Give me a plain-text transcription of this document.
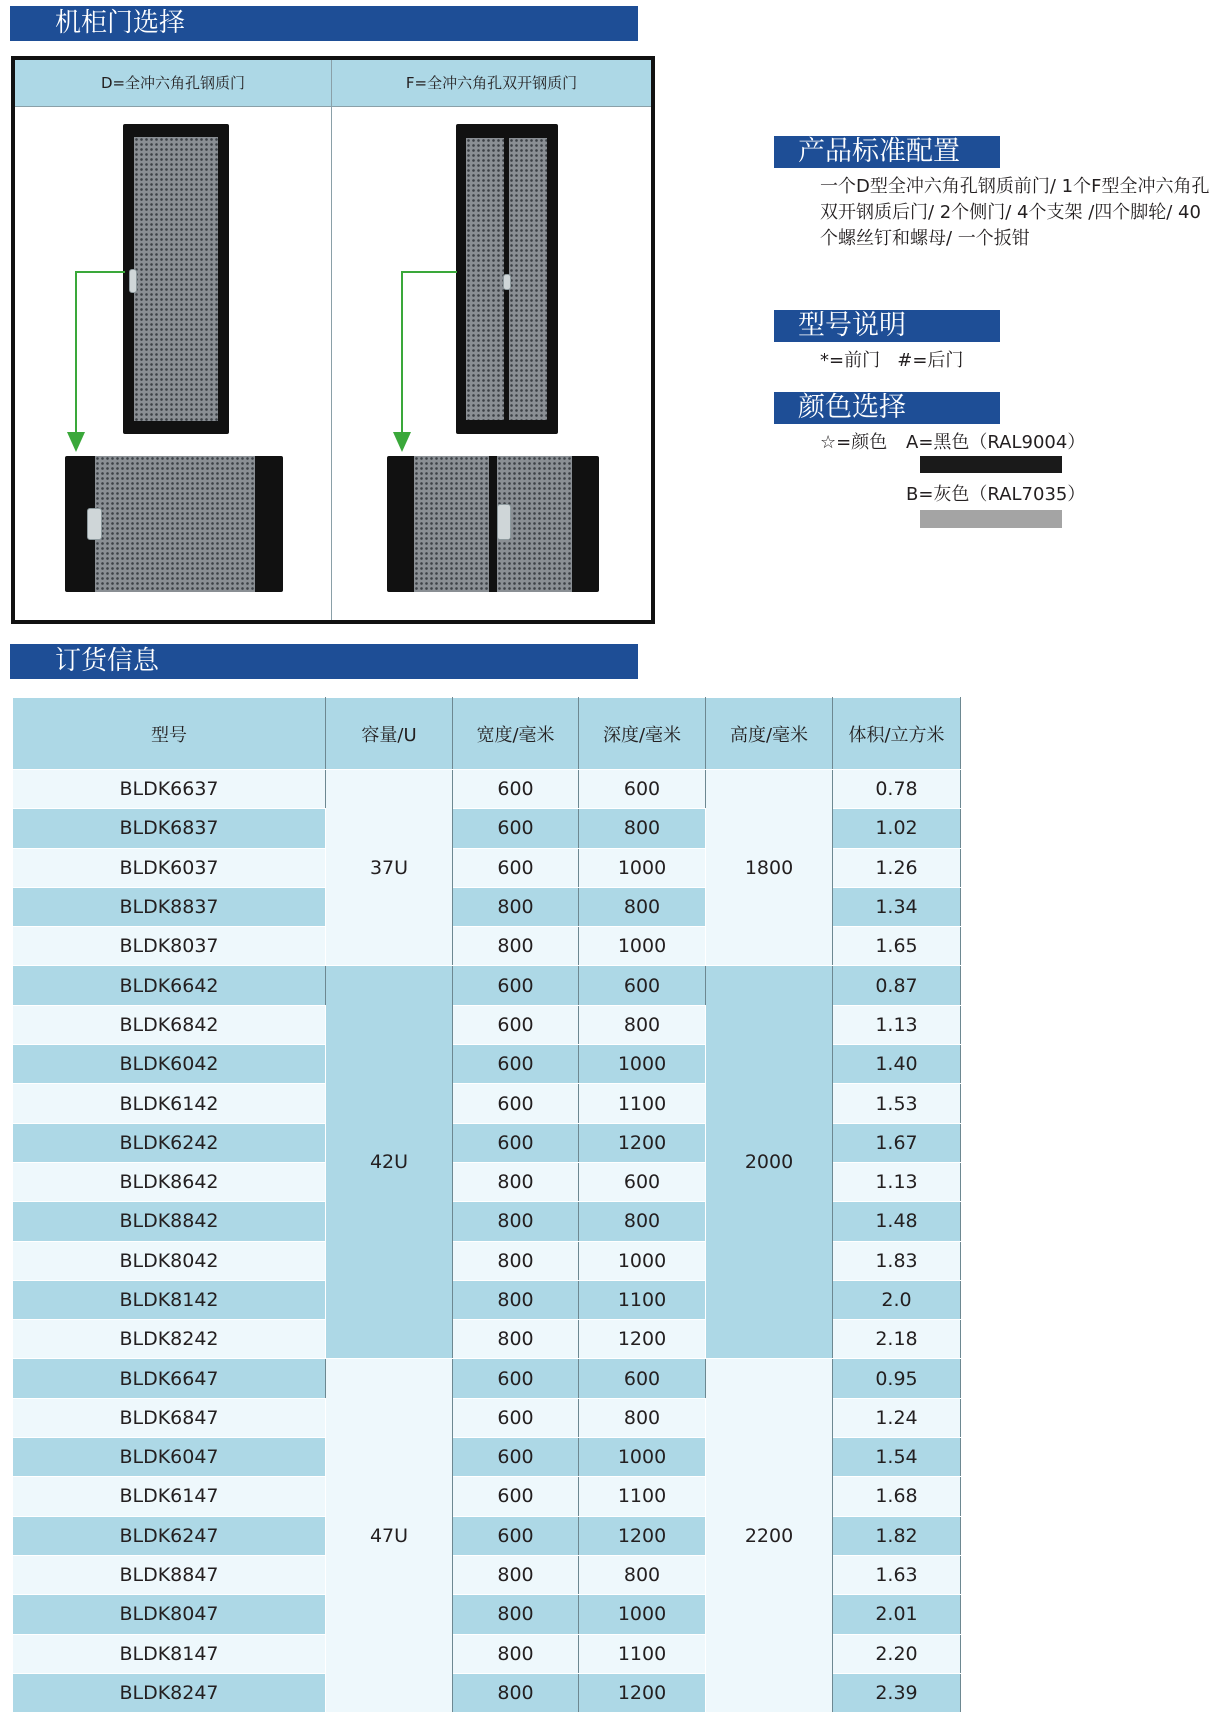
机柜门选择
D=全冲六角孔钢质门	F=全冲六角孔双开钢质门
产品标准配置
一个D型全冲六角孔钢质前门/ 1个F型全冲六角孔双开钢质后门/ 2个侧门/ 4个支架 /四个脚轮/ 40个螺丝钉和螺母/ 一个扳钳
型号说明
*=前门   #=后门
颜色选择
☆=颜色 A=黑色（RAL9004）
B=灰色（RAL7035）
订货信息
型号	容量/U	宽度/毫米	深度/毫米	高度/毫米	体积/立方米
BLDK6637	37U	600	600	1800	0.78
BLDK6837		600	800		1.02
BLDK6037		600	1000		1.26
BLDK8837		800	800		1.34
BLDK8037		800	1000		1.65
BLDK6642	42U	600	600	2000	0.87
BLDK6842		600	800		1.13
BLDK6042		600	1000		1.40
BLDK6142		600	1100		1.53
BLDK6242		600	1200		1.67
BLDK8642		800	600		1.13
BLDK8842		800	800		1.48
BLDK8042		800	1000		1.83
BLDK8142		800	1100		2.0
BLDK8242		800	1200		2.18
BLDK6647	47U	600	600	2200	0.95
BLDK6847		600	800		1.24
BLDK6047		600	1000		1.54
BLDK6147		600	1100		1.68
BLDK6247		600	1200		1.82
BLDK8847		800	800		1.63
BLDK8047		800	1000		2.01
BLDK8147		800	1100		2.20
BLDK8247		800	1200		2.39
